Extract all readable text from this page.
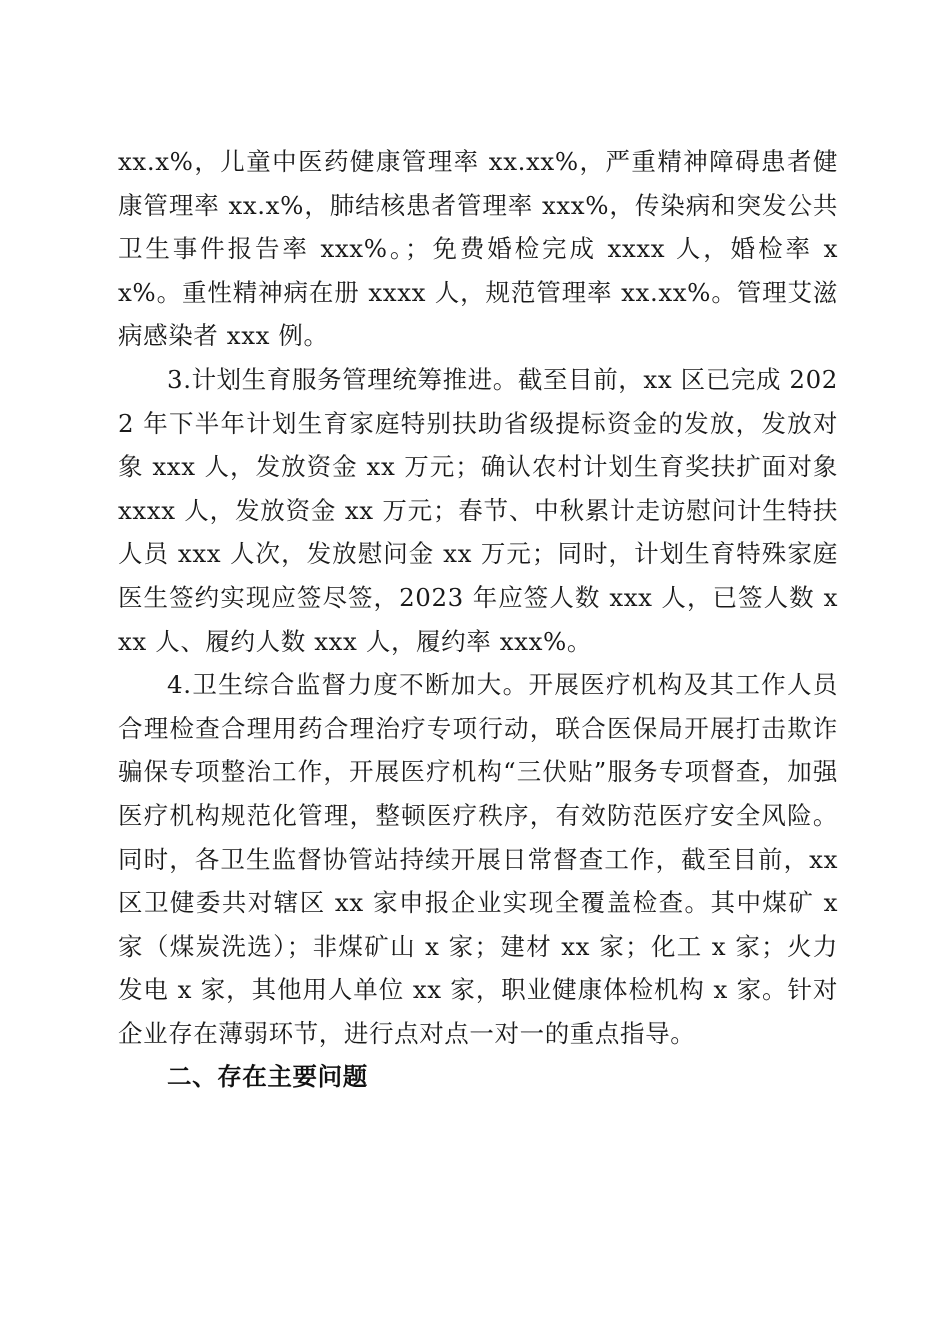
xx.x%，儿童中医药健康管理率 xx.xx%，严重精神障碍患者健康管理率 xx.x%，肺结核患者管理率 xxx%，传染病和突发公共卫生事件报告率 xxx%。；免费婚检完成 xxxx 人，婚检率 xx%。重性精神病在册 xxxx 人，规范管理率 xx.xx%。管理艾滋病感染者 xxx 例。

3.计划生育服务管理统筹推进。截至目前，xx 区已完成 2022 年下半年计划生育家庭特别扶助省级提标资金的发放，发放对象 xxx 人，发放资金 xx 万元；确认农村计划生育奖扶扩面对象 xxxx 人，发放资金 xx 万元；春节、中秋累计走访慰问计生特扶人员 xxx 人次，发放慰问金 xx 万元；同时，计划生育特殊家庭医生签约实现应签尽签，2023 年应签人数 xxx 人，已签人数 xxx 人、履约人数 xxx 人，履约率 xxx%。

4.卫生综合监督力度不断加大。开展医疗机构及其工作人员合理检查合理用药合理治疗专项行动，联合医保局开展打击欺诈骗保专项整治工作，开展医疗机构“三伏贴”服务专项督查，加强医疗机构规范化管理，整顿医疗秩序，有效防范医疗安全风险。同时，各卫生监督协管站持续开展日常督查工作，截至目前，xx 区卫健委共对辖区 xx 家申报企业实现全覆盖检查。其中煤矿 x 家（煤炭洗选）；非煤矿山 x 家；建材 xx 家；化工 x 家；火力发电 x 家，其他用人单位 xx 家，职业健康体检机构 x 家。针对企业存在薄弱环节，进行点对点一对一的重点指导。

二、存在主要问题
